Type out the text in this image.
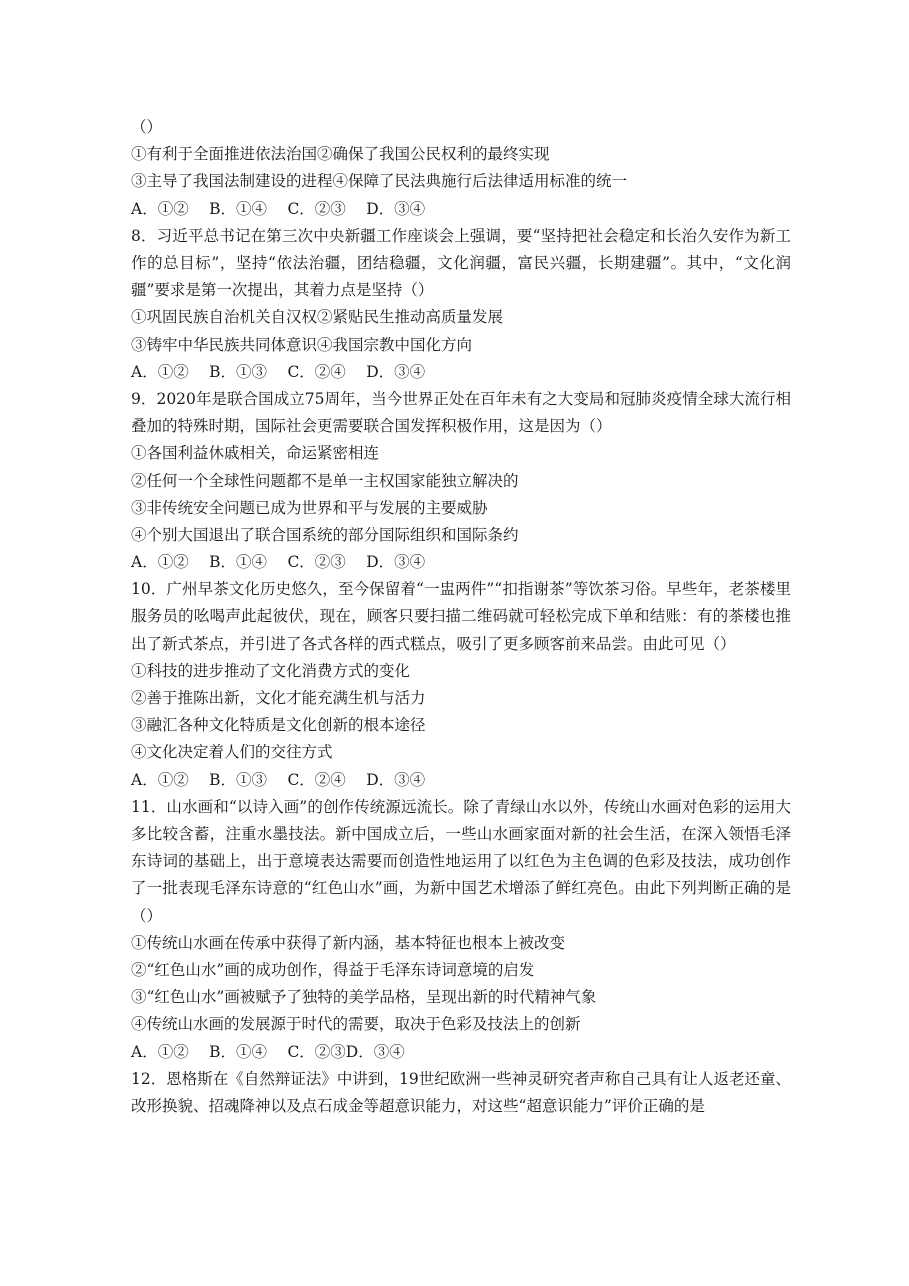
（）
①有利于全面推进依法治国②确保了我国公民权利的最终实现
③主导了我国法制建设的进程④保障了民法典施行后法律适用标准的统一
A．①②　 B．①④　 C．②③　 D．③④
8．习近平总书记在第三次中央新疆工作座谈会上强调，要“坚持把社会稳定和长治久安作为新工作的总目标”，坚持“依法治疆，团结稳疆，文化润疆，富民兴疆，长期建疆”。其中，“文化润疆”要求是第一次提出，其着力点是坚持（）
①巩固民族自治机关自汉权②紧贴民生推动高质量发展
③铸牢中华民族共同体意识④我国宗教中国化方向
A．①②　 B．①③　 C．②④　 D．③④
9．2020年是联合国成立75周年，当今世界正处在百年未有之大变局和冠肺炎疫情全球大流行相叠加的特殊时期，国际社会更需要联合国发挥积极作用，这是因为（）
①各国利益休戚相关，命运紧密相连
②任何一个全球性问题都不是单一主权国家能独立解决的
③非传统安全问题已成为世界和平与发展的主要威胁
④个别大国退出了联合国系统的部分国际组织和国际条约
A．①②　 B．①④　 C．②③　 D．③④
10．广州早茶文化历史悠久，至今保留着“一盅两件”“扣指谢茶”等饮茶习俗。早些年，老茶楼里服务员的吆喝声此起彼伏，现在，顾客只要扫描二维码就可轻松完成下单和结账：有的茶楼也推出了新式茶点，并引进了各式各样的西式糕点，吸引了更多顾客前来品尝。由此可见（）
①科技的进步推动了文化消费方式的变化
②善于推陈出新，文化才能充满生机与活力
③融汇各种文化特质是文化创新的根本途径
④文化决定着人们的交往方式
A．①②　 B．①③　 C．②④　 D．③④
11．山水画和“以诗入画”的创作传统源远流长。除了青绿山水以外，传统山水画对色彩的运用大多比较含蓄，注重水墨技法。新中国成立后，一些山水画家面对新的社会生活，在深入领悟毛泽东诗词的基础上，出于意境表达需要而创造性地运用了以红色为主色调的色彩及技法，成功创作了一批表现毛泽东诗意的“红色山水”画，为新中国艺术增添了鲜红亮色。由此下列判断正确的是（）
①传统山水画在传承中获得了新内涵，基本特征也根本上被改变
②“红色山水”画的成功创作，得益于毛泽东诗词意境的启发
③“红色山水”画被赋予了独特的美学品格，呈现出新的时代精神气象
④传统山水画的发展源于时代的需要，取决于色彩及技法上的创新
A．①②　 B．①④　 C．②③D．③④
12．恩格斯在《自然辩证法》中讲到，19世纪欧洲一些神灵研究者声称自己具有让人返老还童、改形换貌、招魂降神以及点石成金等超意识能力，对这些“超意识能力”评价正确的是
